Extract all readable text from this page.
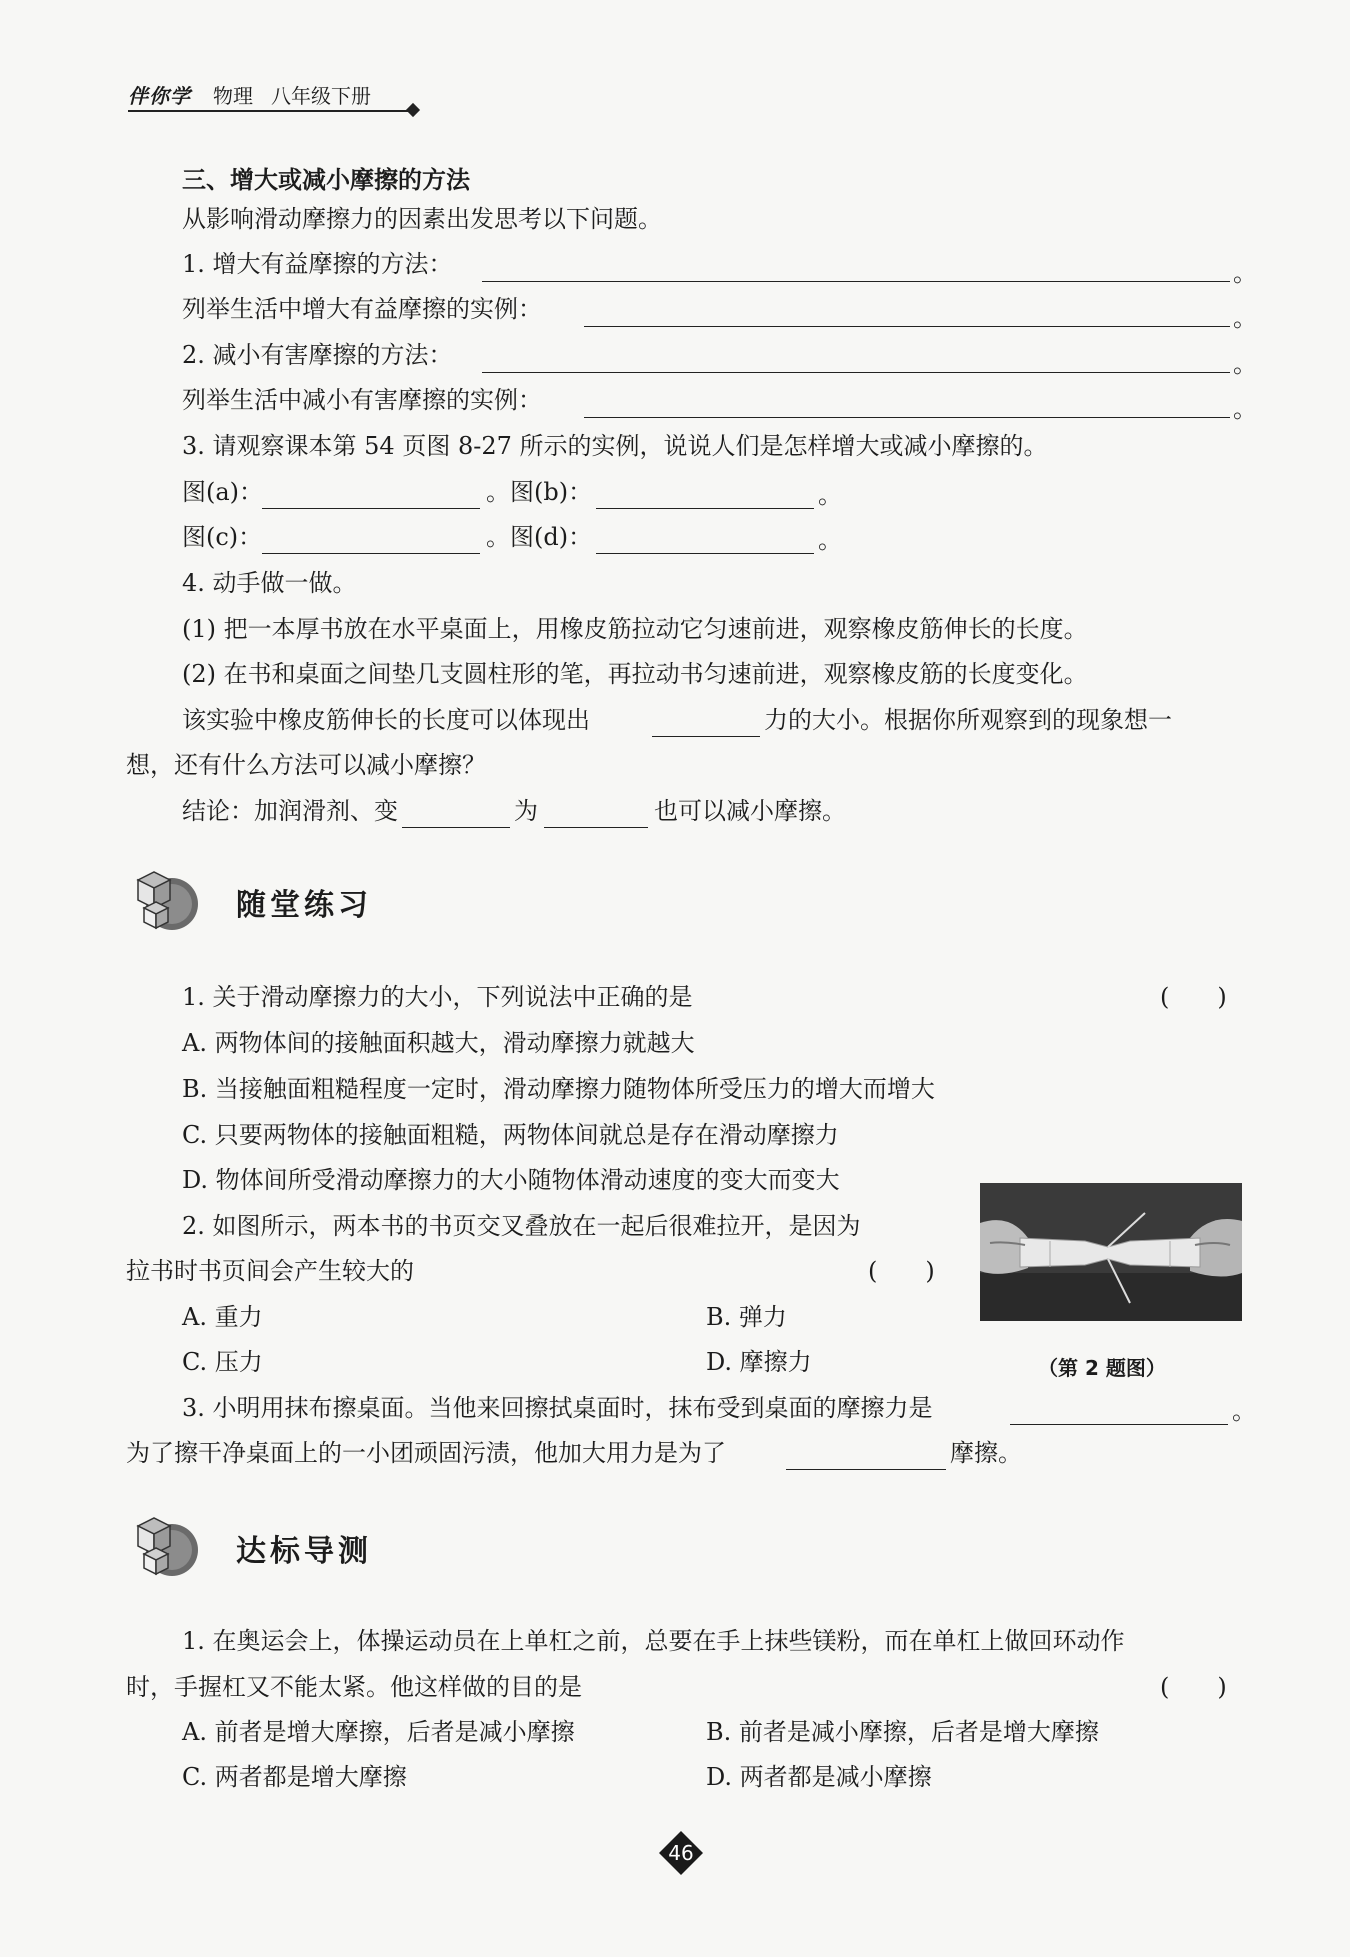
伴你学 物理 八年级下册
三、增大或减小摩擦的方法
从影响滑动摩擦力的因素出发思考以下问题。
1. 增大有益摩擦的方法：	。
列举生活中增大有益摩擦的实例：	。
2. 减小有害摩擦的方法：	。
列举生活中减小有害摩擦的实例：	。
3. 请观察课本第 54 页图 8-27 所示的实例，说说人们是怎样增大或减小摩擦的。
图(a)：	。图(b)：	。
图(c)：	。图(d)：	。
4. 动手做一做。
(1) 把一本厚书放在水平桌面上，用橡皮筋拉动它匀速前进，观察橡皮筋伸长的长度。
(2) 在书和桌面之间垫几支圆柱形的笔，再拉动书匀速前进，观察橡皮筋的长度变化。
该实验中橡皮筋伸长的长度可以体现出	力的大小。根据你所观察到的现象想一
想，还有什么方法可以减小摩擦？
结论：加润滑剂、变	为	也可以减小摩擦。
随堂练习
1. 关于滑动摩擦力的大小，下列说法中正确的是	(　　)
A. 两物体间的接触面积越大，滑动摩擦力就越大
B. 当接触面粗糙程度一定时，滑动摩擦力随物体所受压力的增大而增大
C. 只要两物体的接触面粗糙，两物体间就总是存在滑动摩擦力
D. 物体间所受滑动摩擦力的大小随物体滑动速度的变大而变大
2. 如图所示，两本书的书页交叉叠放在一起后很难拉开，是因为
拉书时书页间会产生较大的	(　　)
A. 重力	B. 弹力
C. 压力	D. 摩擦力	（第 2 题图）
3. 小明用抹布擦桌面。当他来回擦拭桌面时，抹布受到桌面的摩擦力是	。
为了擦干净桌面上的一小团顽固污渍，他加大用力是为了	摩擦。
达标导测
1. 在奥运会上，体操运动员在上单杠之前，总要在手上抹些镁粉，而在单杠上做回环动作
时，手握杠又不能太紧。他这样做的目的是	(　　)
A. 前者是增大摩擦，后者是减小摩擦	B. 前者是减小摩擦，后者是增大摩擦
C. 两者都是增大摩擦	D. 两者都是减小摩擦
46
